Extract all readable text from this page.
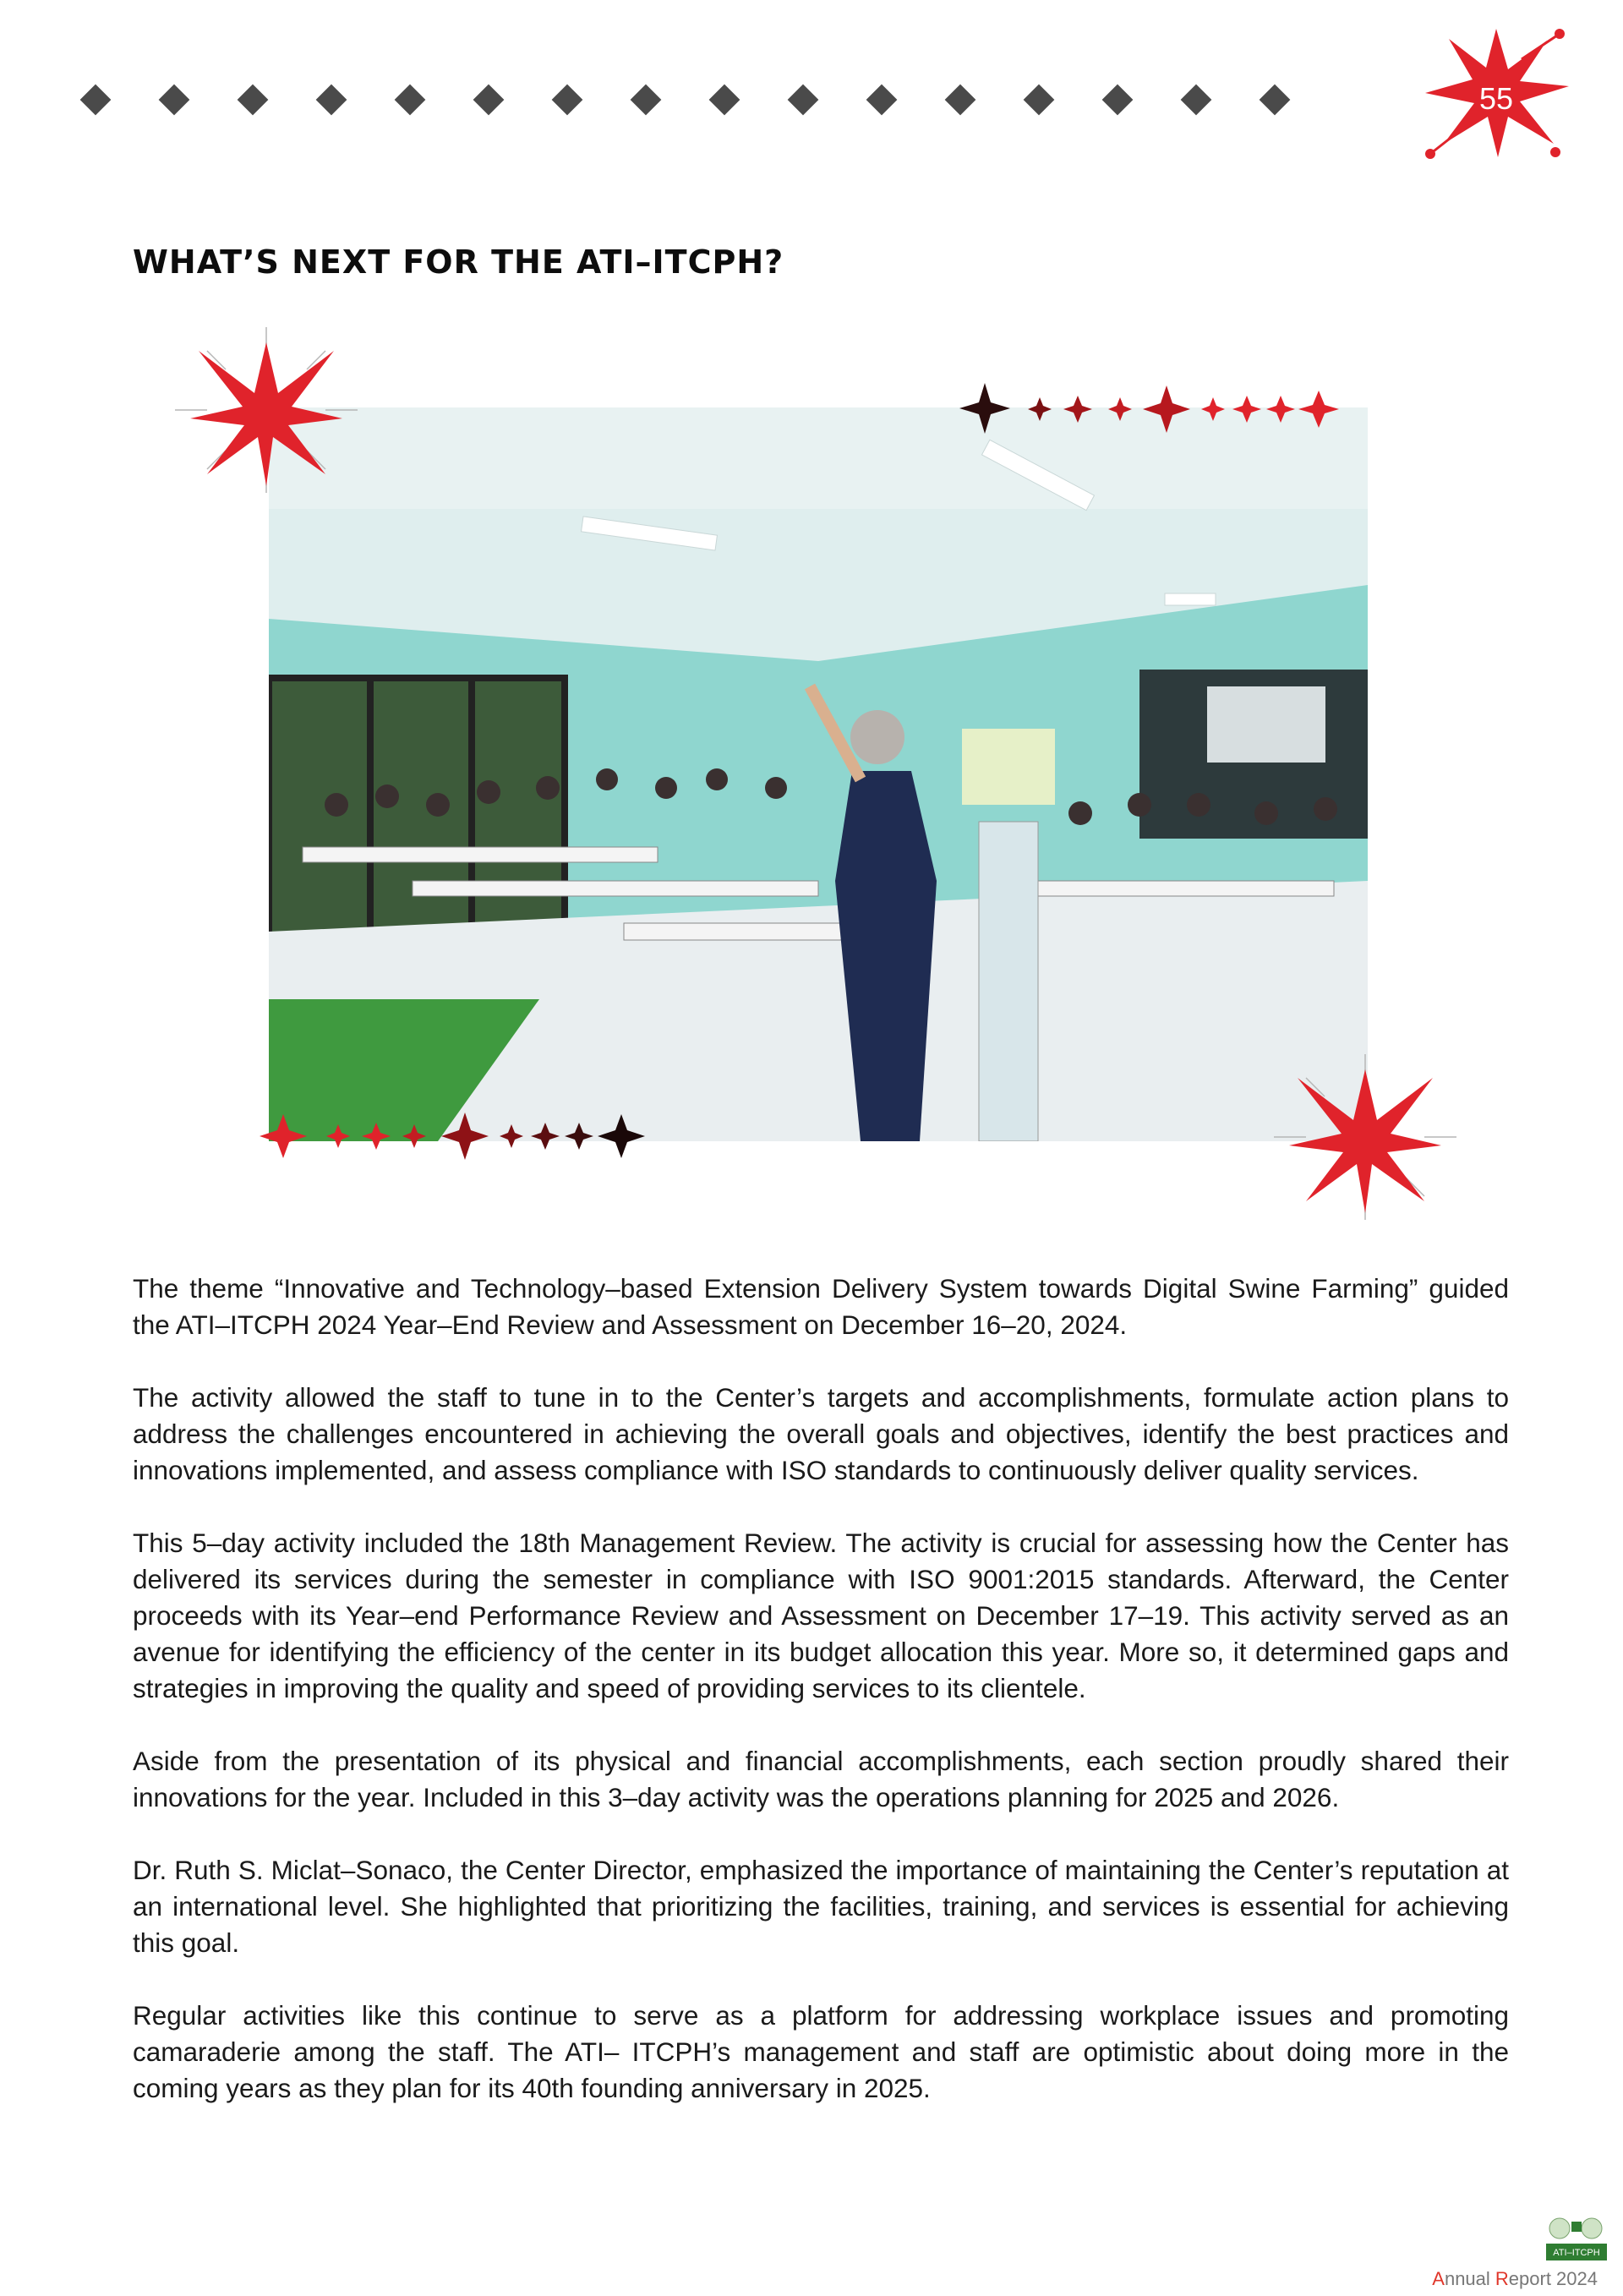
55
WHAT’S NEXT FOR THE ATI–ITCPH?

The theme “Innovative and Technology–based Extension Delivery System towards Digital Swine Farming” guided the ATI–ITCPH 2024 Year–End Review and Assessment on December 16–20, 2024.

The activity allowed the staff to tune in to the Center’s targets and accomplishments, formulate action plans to address the challenges encountered in achieving the overall goals and objectives, identify the best practices and innovations implemented, and assess compliance with ISO standards to continuously deliver quality services.

This 5–day activity included the 18th Management Review. The activity is crucial for assessing how the Center has delivered its services during the semester in compliance with ISO 9001:2015 standards. Afterward, the Center proceeds with its Year–end Performance Review and Assessment on December 17–19. This activity served as an avenue for identifying the efficiency of the center in its budget allocation this year. More so, it determined gaps and strategies in improving the quality and speed of providing services to its clientele.

Aside from the presentation of its physical and financial accomplishments, each section proudly shared their innovations for the year. Included in this 3–day activity was the operations planning for 2025 and 2026.

Dr. Ruth S. Miclat–Sonaco, the Center Director, emphasized the importance of maintaining the Center’s reputation at an international level. She highlighted that prioritizing the facilities, training, and services is essential for achieving this goal.

Regular activities like this continue to serve as a platform for addressing workplace issues and promoting camaraderie among the staff. The ATI– ITCPH’s management and staff are optimistic about doing more in the coming years as they plan for its 40th founding anniversary in 2025.

ATI–ITCPH
Annual Report 2024
